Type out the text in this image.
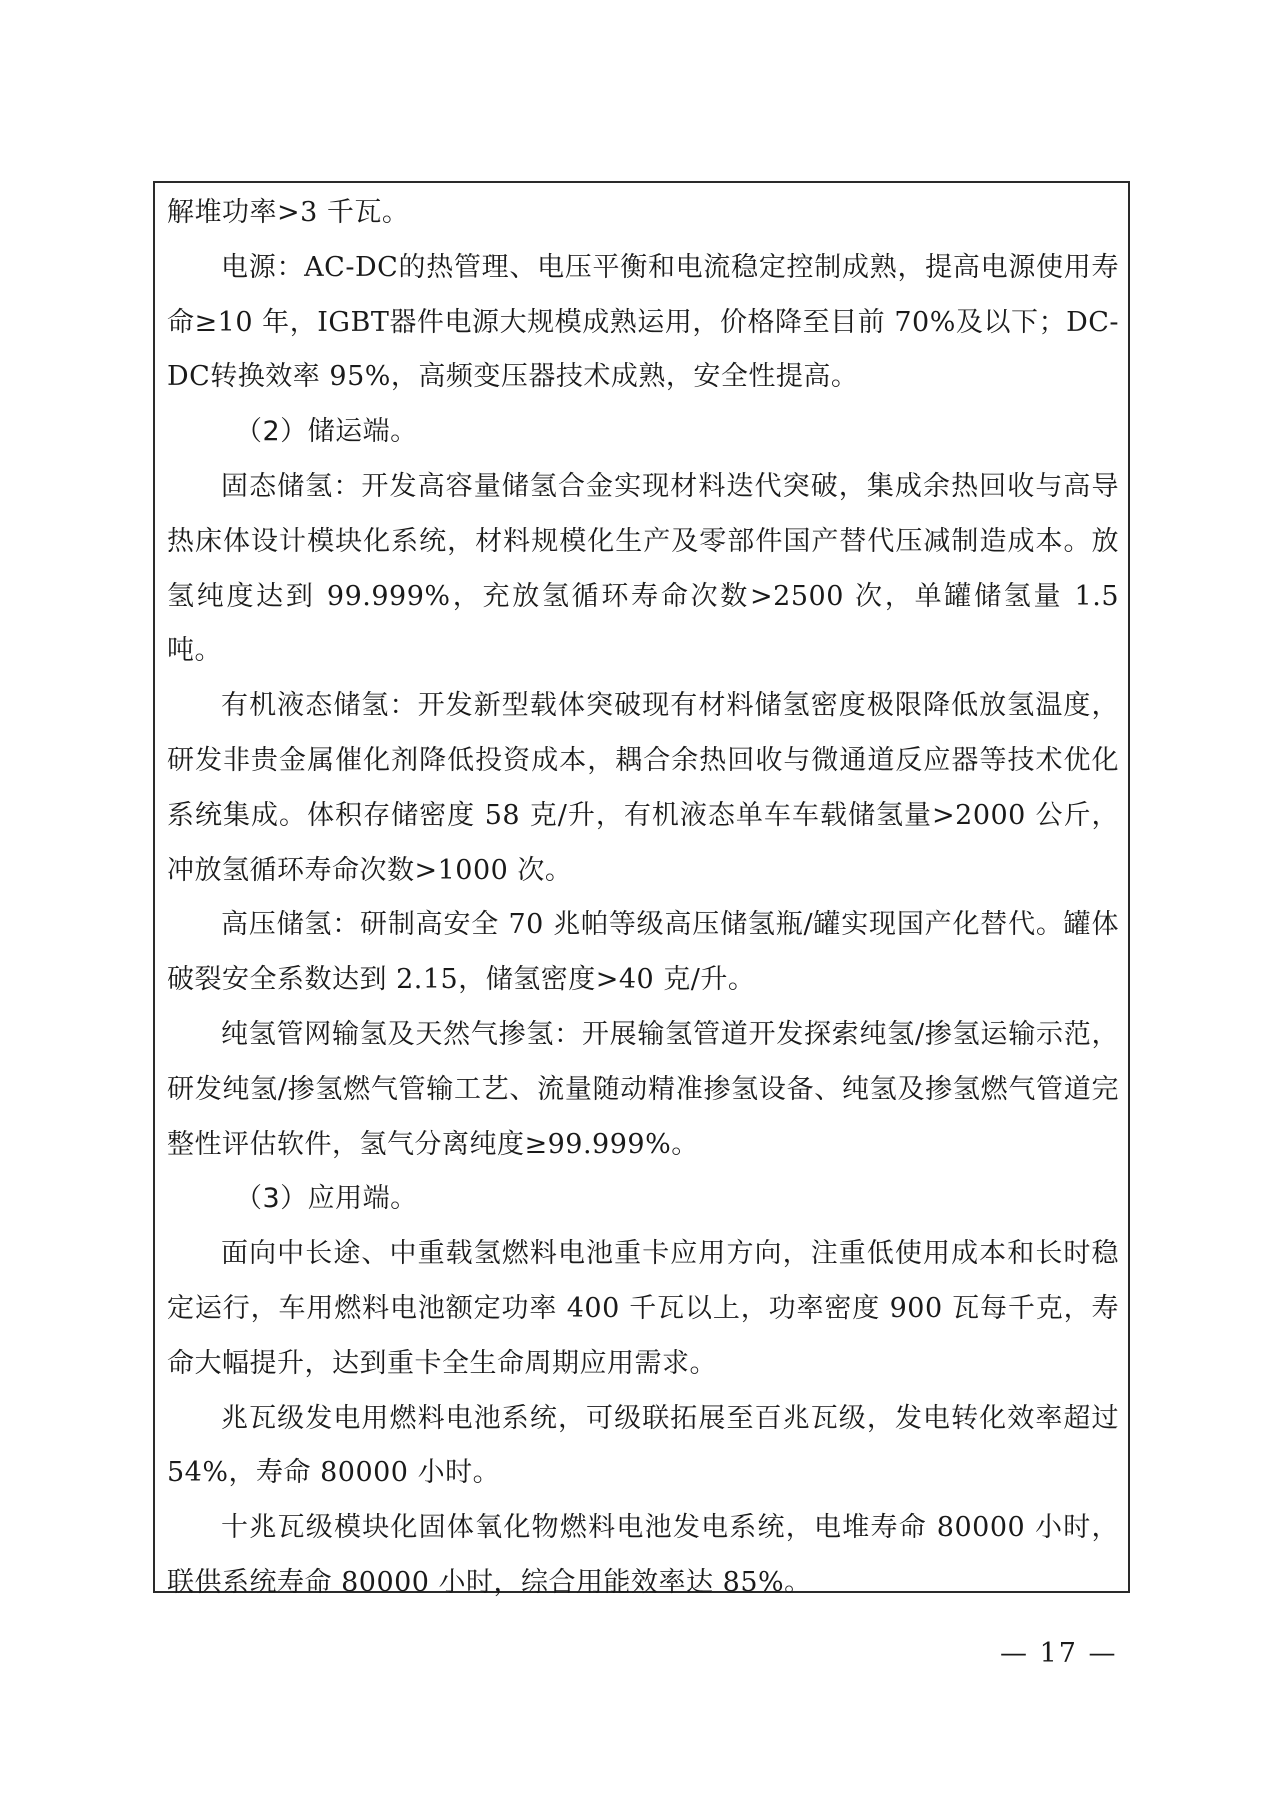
解堆功率>3 千瓦。

电源：AC-DC的热管理、电压平衡和电流稳定控制成熟，提高电源使用寿命≥10 年，IGBT器件电源大规模成熟运用，价格降至目前 70%及以下；DC-DC转换效率 95%，高频变压器技术成熟，安全性提高。

（2）储运端。

固态储氢：开发高容量储氢合金实现材料迭代突破，集成余热回收与高导热床体设计模块化系统，材料规模化生产及零部件国产替代压减制造成本。放氢纯度达到 99.999%，充放氢循环寿命次数>2500 次，单罐储氢量 1.5 吨。

有机液态储氢：开发新型载体突破现有材料储氢密度极限降低放氢温度，研发非贵金属催化剂降低投资成本，耦合余热回收与微通道反应器等技术优化系统集成。体积存储密度 58 克/升，有机液态单车车载储氢量>2000 公斤，冲放氢循环寿命次数>1000 次。

高压储氢：研制高安全 70 兆帕等级高压储氢瓶/罐实现国产化替代。罐体破裂安全系数达到 2.15，储氢密度>40 克/升。

纯氢管网输氢及天然气掺氢：开展输氢管道开发探索纯氢/掺氢运输示范，研发纯氢/掺氢燃气管输工艺、流量随动精准掺氢设备、纯氢及掺氢燃气管道完整性评估软件，氢气分离纯度≥99.999%。

（3）应用端。

面向中长途、中重载氢燃料电池重卡应用方向，注重低使用成本和长时稳定运行，车用燃料电池额定功率 400 千瓦以上，功率密度 900 瓦每千克，寿命大幅提升，达到重卡全生命周期应用需求。

兆瓦级发电用燃料电池系统，可级联拓展至百兆瓦级，发电转化效率超过 54%，寿命 80000 小时。

十兆瓦级模块化固体氧化物燃料电池发电系统，电堆寿命 80000 小时，联供系统寿命 80000 小时，综合用能效率达 85%。

— 17 —
